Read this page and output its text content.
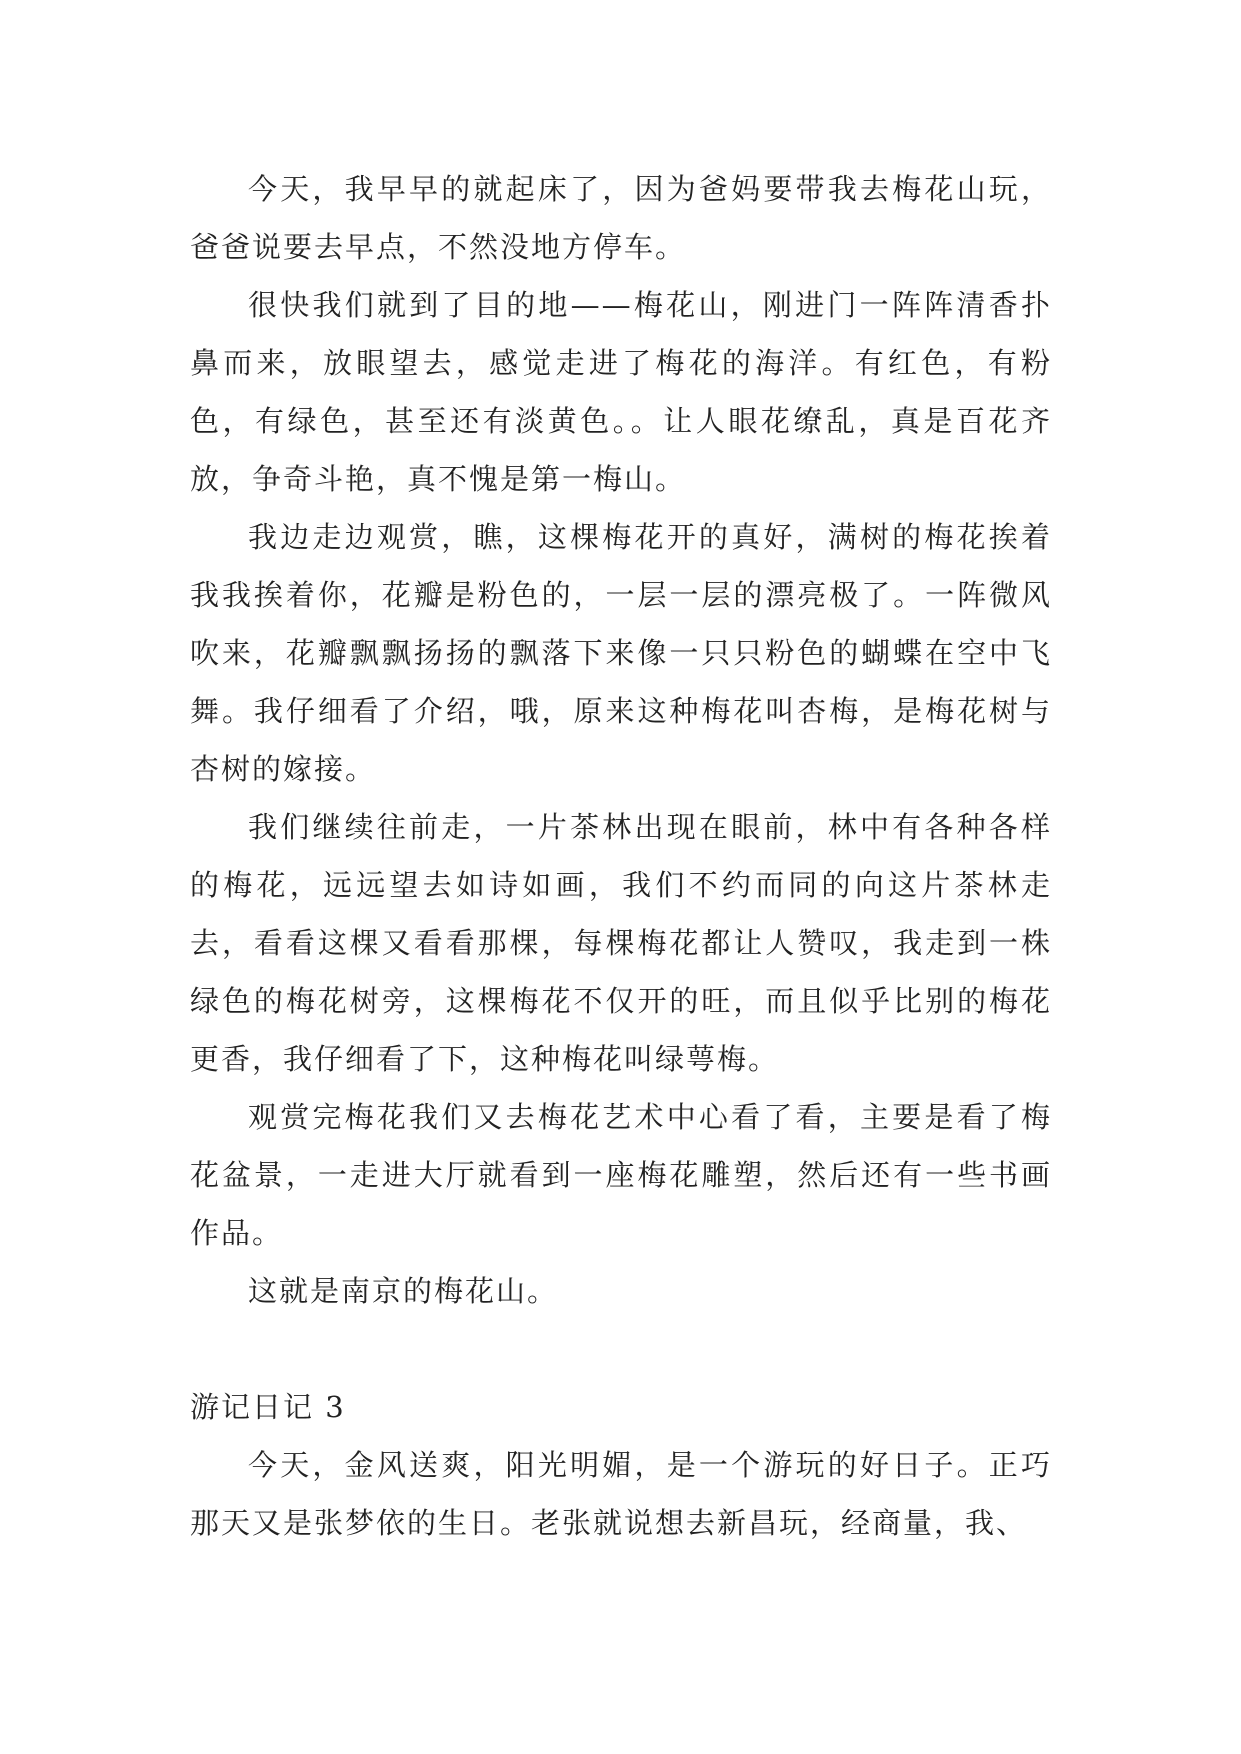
今天，我早早的就起床了，因为爸妈要带我去梅花山玩，爸爸说要去早点，不然没地方停车。

很快我们就到了目的地——梅花山，刚进门一阵阵清香扑鼻而来，放眼望去，感觉走进了梅花的海洋。有红色，有粉色，有绿色，甚至还有淡黄色。。让人眼花缭乱，真是百花齐放，争奇斗艳，真不愧是第一梅山。

我边走边观赏，瞧，这棵梅花开的真好，满树的梅花挨着我我挨着你，花瓣是粉色的，一层一层的漂亮极了。一阵微风吹来，花瓣飘飘扬扬的飘落下来像一只只粉色的蝴蝶在空中飞舞。我仔细看了介绍，哦，原来这种梅花叫杏梅，是梅花树与杏树的嫁接。

我们继续往前走，一片茶林出现在眼前，林中有各种各样的梅花，远远望去如诗如画，我们不约而同的向这片茶林走去，看看这棵又看看那棵，每棵梅花都让人赞叹，我走到一株绿色的梅花树旁，这棵梅花不仅开的旺，而且似乎比别的梅花更香，我仔细看了下，这种梅花叫绿萼梅。

观赏完梅花我们又去梅花艺术中心看了看，主要是看了梅花盆景，一走进大厅就看到一座梅花雕塑，然后还有一些书画作品。

这就是南京的梅花山。

游记日记 3

今天，金风送爽，阳光明媚，是一个游玩的好日子。正巧那天又是张梦依的生日。老张就说想去新昌玩，经商量，我、
